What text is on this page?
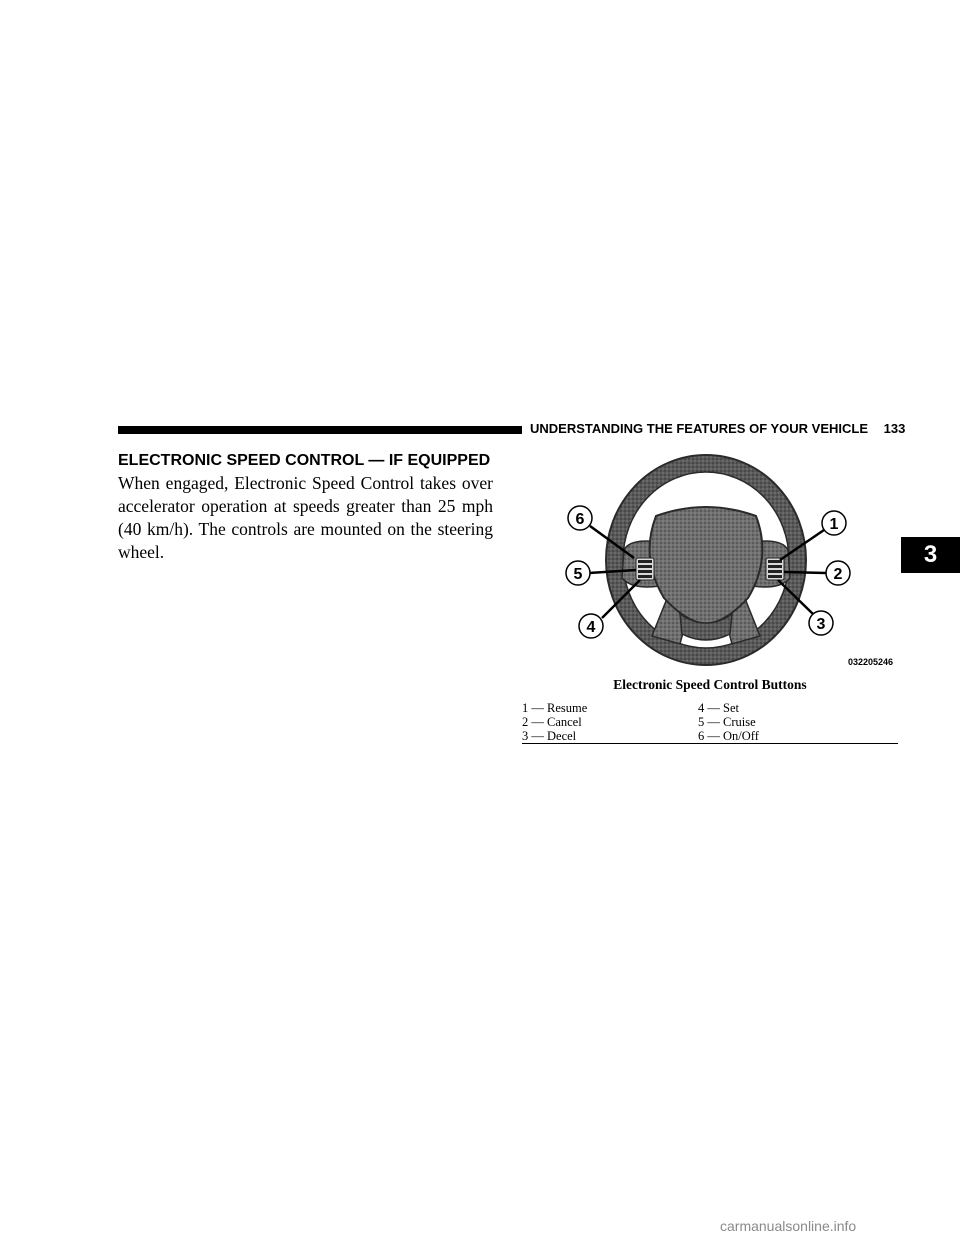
UNDERSTANDING THE FEATURES OF YOUR VEHICLE 133
ELECTRONIC SPEED CONTROL — IF EQUIPPED

When engaged, Electronic Speed Control takes over accelerator operation at speeds greater than 25 mph (40 km/h). The controls are mounted on the steering wheel.

1
2
3
4
5
6
032205246
Electronic Speed Control Buttons
1 — Resume	4 — Set
2 — Cancel	5 — Cruise
3 — Decel	6 — On/Off
3
carmanualsonline.info
